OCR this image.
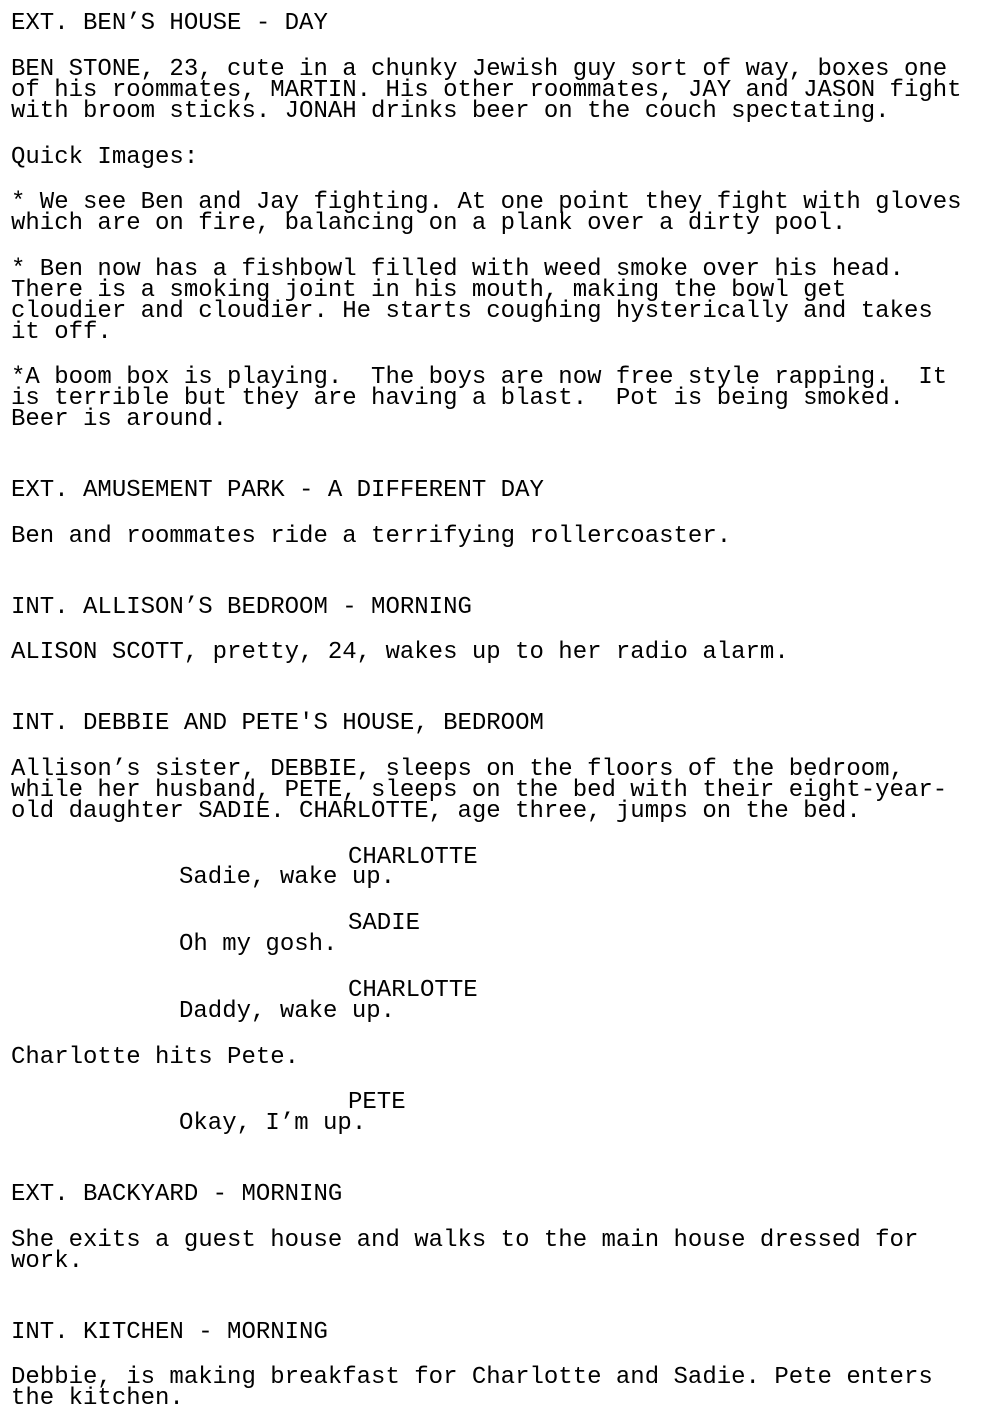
EXT. BEN’S HOUSE - DAY
BEN STONE, 23, cute in a chunky Jewish guy sort of way, boxes one
of his roommates, MARTIN. His other roommates, JAY and JASON fight
with broom sticks. JONAH drinks beer on the couch spectating.
Quick Images:
* We see Ben and Jay fighting. At one point they fight with gloves
which are on fire, balancing on a plank over a dirty pool.
* Ben now has a fishbowl filled with weed smoke over his head.
There is a smoking joint in his mouth, making the bowl get
cloudier and cloudier. He starts coughing hysterically and takes
it off.
*A boom box is playing.  The boys are now free style rapping.  It
is terrible but they are having a blast.  Pot is being smoked.
Beer is around.
EXT. AMUSEMENT PARK - A DIFFERENT DAY
Ben and roommates ride a terrifying rollercoaster.
INT. ALLISON’S BEDROOM - MORNING
ALISON SCOTT, pretty, 24, wakes up to her radio alarm.
INT. DEBBIE AND PETE'S HOUSE, BEDROOM
Allison’s sister, DEBBIE, sleeps on the floors of the bedroom,
while her husband, PETE, sleeps on the bed with their eight-year-
old daughter SADIE. CHARLOTTE, age three, jumps on the bed.
CHARLOTTE
Sadie, wake up.
SADIE
Oh my gosh.
CHARLOTTE
Daddy, wake up.
Charlotte hits Pete.
PETE
Okay, I’m up.
EXT. BACKYARD - MORNING
She exits a guest house and walks to the main house dressed for
work.
INT. KITCHEN - MORNING
Debbie, is making breakfast for Charlotte and Sadie. Pete enters
the kitchen.
